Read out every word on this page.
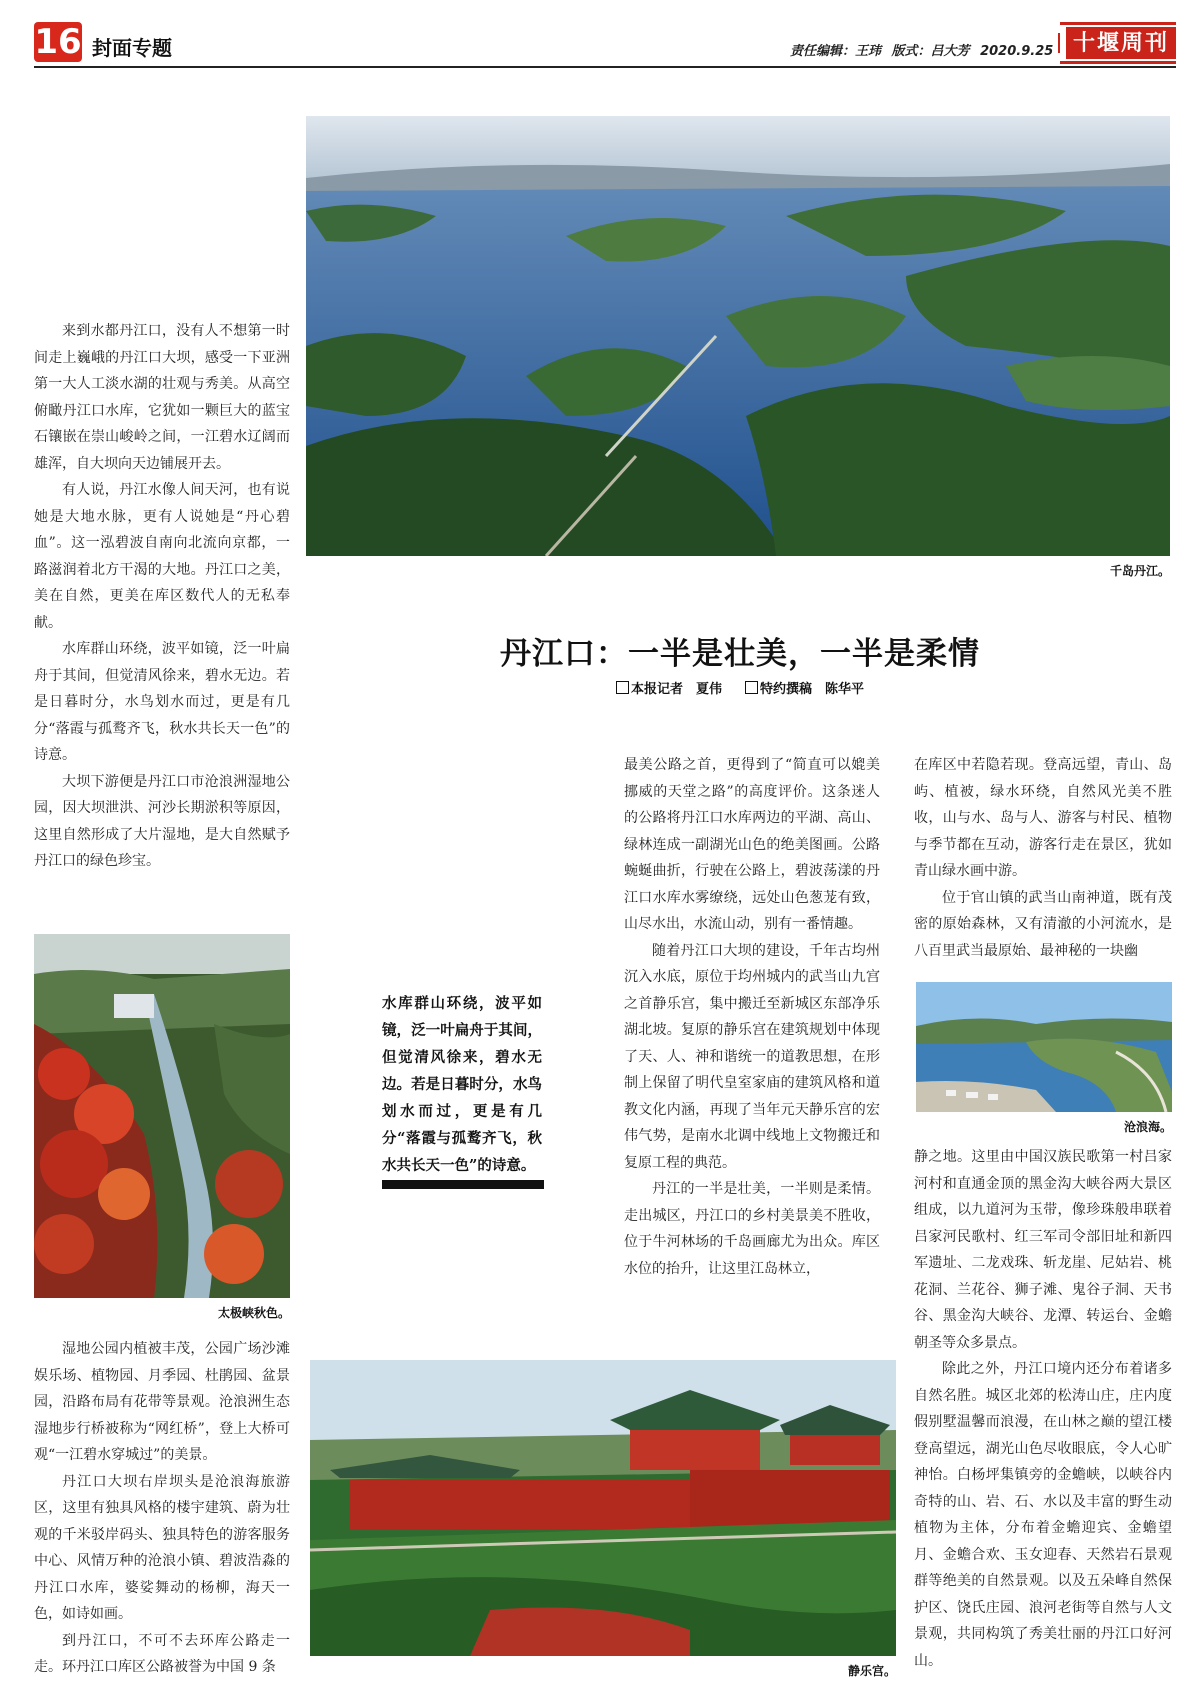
16 封面专题	责任编辑：王玮 版式：吕大芳 2020.9.25 十堰周刊
千岛丹江。
丹江口：一半是壮美，一半是柔情
本报记者　夏伟	特约撰稿　陈华平

来到水都丹江口，没有人不想第一时间走上巍峨的丹江口大坝，感受一下亚洲第一大人工淡水湖的壮观与秀美。从高空俯瞰丹江口水库，它犹如一颗巨大的蓝宝石镶嵌在崇山峻岭之间，一江碧水辽阔而雄浑，自大坝向天边铺展开去。

有人说，丹江水像人间天河，也有说她是大地水脉，更有人说她是“丹心碧血”。这一泓碧波自南向北流向京都，一路滋润着北方干渴的大地。丹江口之美，美在自然，更美在库区数代人的无私奉献。

水库群山环绕，波平如镜，泛一叶扁舟于其间，但觉清风徐来，碧水无边。若是日暮时分，水鸟划水而过，更是有几分“落霞与孤鹜齐飞，秋水共长天一色”的诗意。

大坝下游便是丹江口市沧浪洲湿地公园，因大坝泄洪、河沙长期淤积等原因，这里自然形成了大片湿地，是大自然赋予丹江口的绿色珍宝。

太极峡秋色。

湿地公园内植被丰茂，公园广场沙滩娱乐场、植物园、月季园、杜鹃园、盆景园，沿路布局有花带等景观。沧浪洲生态湿地步行桥被称为“网红桥”，登上大桥可观“一江碧水穿城过”的美景。

丹江口大坝右岸坝头是沧浪海旅游区，这里有独具风格的楼宇建筑、蔚为壮观的千米驳岸码头、独具特色的游客服务中心、风情万种的沧浪小镇、碧波浩淼的丹江口水库，婆娑舞动的杨柳，海天一色，如诗如画。

到丹江口，不可不去环库公路走一走。环丹江口库区公路被誉为中国 9 条

水库群山环绕，波平如镜，泛一叶扁舟于其间，但觉清风徐来，碧水无边。若是日暮时分，水鸟划水而过，更是有几分“落霞与孤鹜齐飞，秋水共长天一色”的诗意。

最美公路之首，更得到了“简直可以媲美挪威的天堂之路”的高度评价。这条迷人的公路将丹江口水库两边的平湖、高山、绿林连成一副湖光山色的绝美图画。公路蜿蜒曲折，行驶在公路上，碧波荡漾的丹江口水库水雾缭绕，远处山色葱茏有致，山尽水出，水流山动，别有一番情趣。

随着丹江口大坝的建设，千年古均州沉入水底，原位于均州城内的武当山九宫之首静乐宫，集中搬迁至新城区东部净乐湖北坡。复原的静乐宫在建筑规划中体现了天、人、神和谐统一的道教思想，在形制上保留了明代皇室家庙的建筑风格和道教文化内涵，再现了当年元天静乐宫的宏伟气势，是南水北调中线地上文物搬迁和复原工程的典范。

丹江的一半是壮美，一半则是柔情。走出城区，丹江口的乡村美景美不胜收，位于牛河林场的千岛画廊尤为出众。库区水位的抬升，让这里江岛林立，

在库区中若隐若现。登高远望，青山、岛屿、植被，绿水环绕，自然风光美不胜收，山与水、岛与人、游客与村民、植物与季节都在互动，游客行走在景区，犹如青山绿水画中游。

位于官山镇的武当山南神道，既有茂密的原始森林，又有清澈的小河流水，是八百里武当最原始、最神秘的一块幽

沧浪海。

静之地。这里由中国汉族民歌第一村吕家河村和直通金顶的黑金沟大峡谷两大景区组成，以九道河为玉带，像珍珠般串联着吕家河民歌村、红三军司令部旧址和新四军遗址、二龙戏珠、斩龙崖、尼姑岩、桃花洞、兰花谷、狮子滩、鬼谷子洞、天书谷、黑金沟大峡谷、龙潭、转运台、金蟾朝圣等众多景点。

除此之外，丹江口境内还分布着诸多自然名胜。城区北郊的松涛山庄，庄内度假别墅温馨而浪漫，在山林之巅的望江楼登高望远，湖光山色尽收眼底，令人心旷神怡。白杨坪集镇旁的金蟾峡，以峡谷内奇特的山、岩、石、水以及丰富的野生动植物为主体，分布着金蟾迎宾、金蟾望月、金蟾合欢、玉女迎春、天然岩石景观群等绝美的自然景观。以及五朵峰自然保护区、饶氏庄园、浪河老街等自然与人文景观，共同构筑了秀美壮丽的丹江口好河山。

静乐宫。
